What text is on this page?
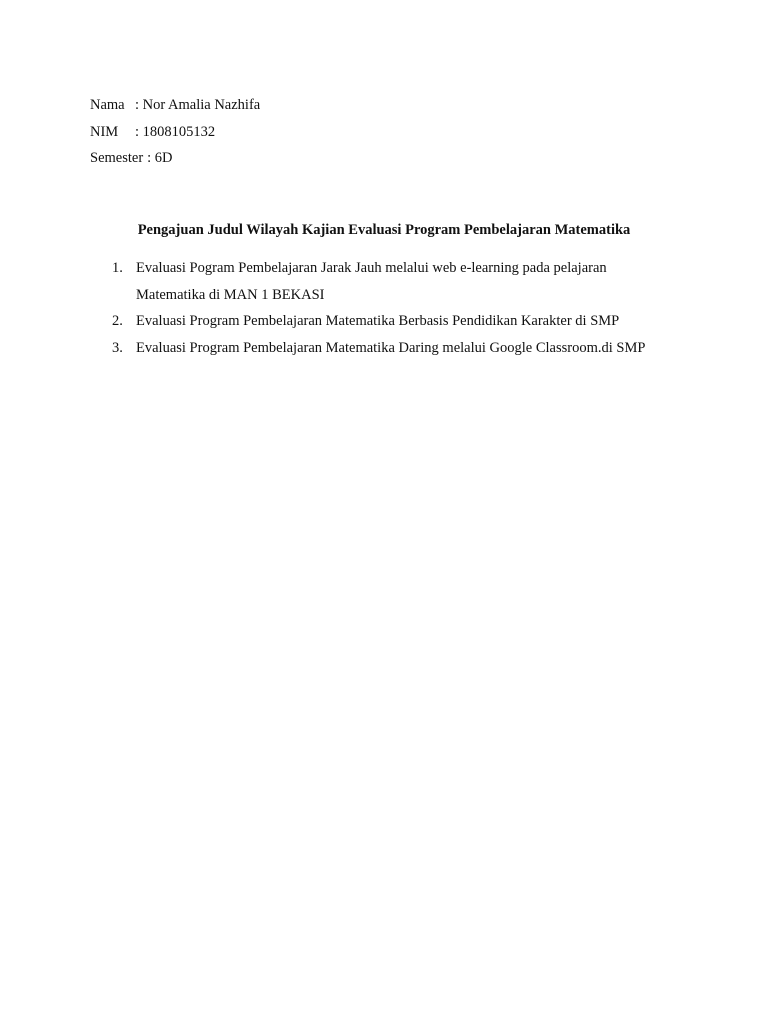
Nama : Nor Amalia Nazhifa
NIM	: 1808105132
Semester : 6D
Pengajuan Judul Wilayah Kajian Evaluasi Program Pembelajaran Matematika
1. Evaluasi Pogram Pembelajaran Jarak Jauh melalui web e-learning pada pelajaran
Matematika di MAN 1 BEKASI
2. Evaluasi Program Pembelajaran Matematika Berbasis Pendidikan Karakter di SMP
3. Evaluasi Program Pembelajaran Matematika Daring melalui Google Classroom.di SMP
